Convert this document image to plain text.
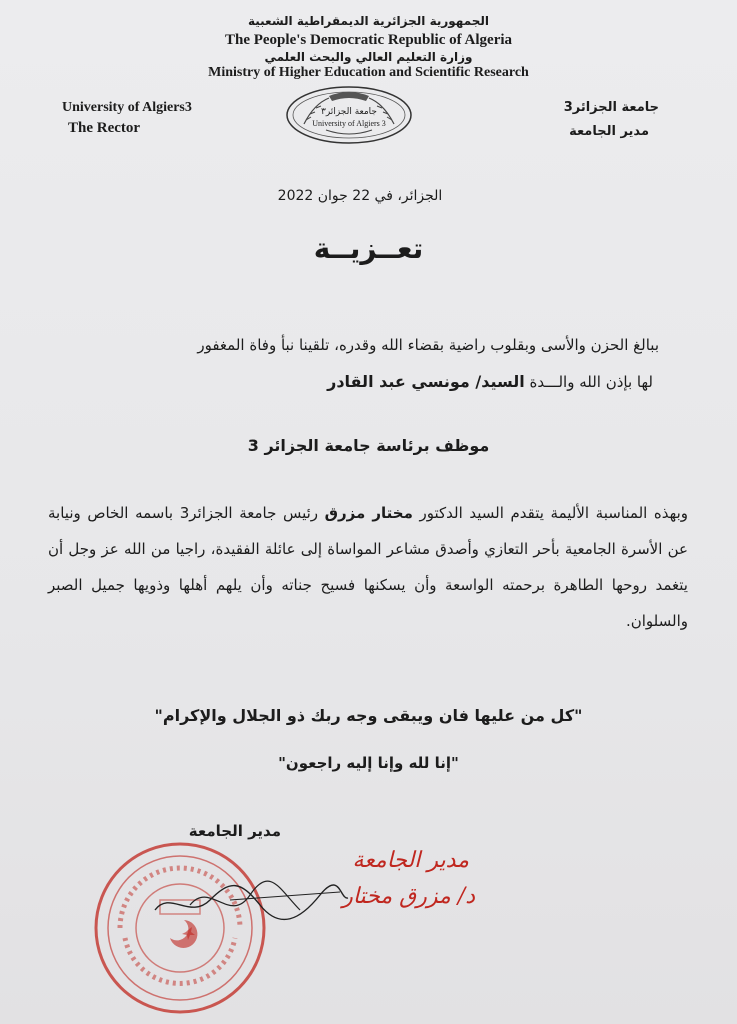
الجمهورية الجزائرية الديمقراطية الشعبية
The People's Democratic Republic of Algeria
وزارة التعليم العالي والبحث العلمي
Ministry of Higher Education and Scientific Research
University of Algiers3
The Rector
جامعة الجزائر3
مدير الجامعة
جامعة الجزائر٣
University of Algiers 3
الجزائر، في 22 جوان 2022
تعــزيــة
ببالغ الحزن والأسى وبقلوب راضية بقضاء الله وقدره، تلقينا نبأ وفاة المغفور
لها بإذن الله والـــدة السيد/ مونسي عبد القادر
موظف برئاسة جامعة الجزائر 3
وبهذه المناسبة الأليمة يتقدم السيد الدكتور مختار مزرق رئيس جامعة الجزائر3 باسمه الخاص ونيابة عن الأسرة الجامعية بأحر التعازي وأصدق مشاعر المواساة إلى عائلة الفقيدة، راجيا من الله عز وجل أن يتغمد روحها الطاهرة برحمته الواسعة وأن يسكنها فسيح جناته وأن يلهم أهلها وذويها جميل الصبر والسلوان.
"كل من عليها فان ويبقى وجه ربك ذو الجلال والإكرام"
"إنا لله وإنا إليه راجعون"
مدير الجامعة
مدير الجامعة
د/ مزرق مختار
